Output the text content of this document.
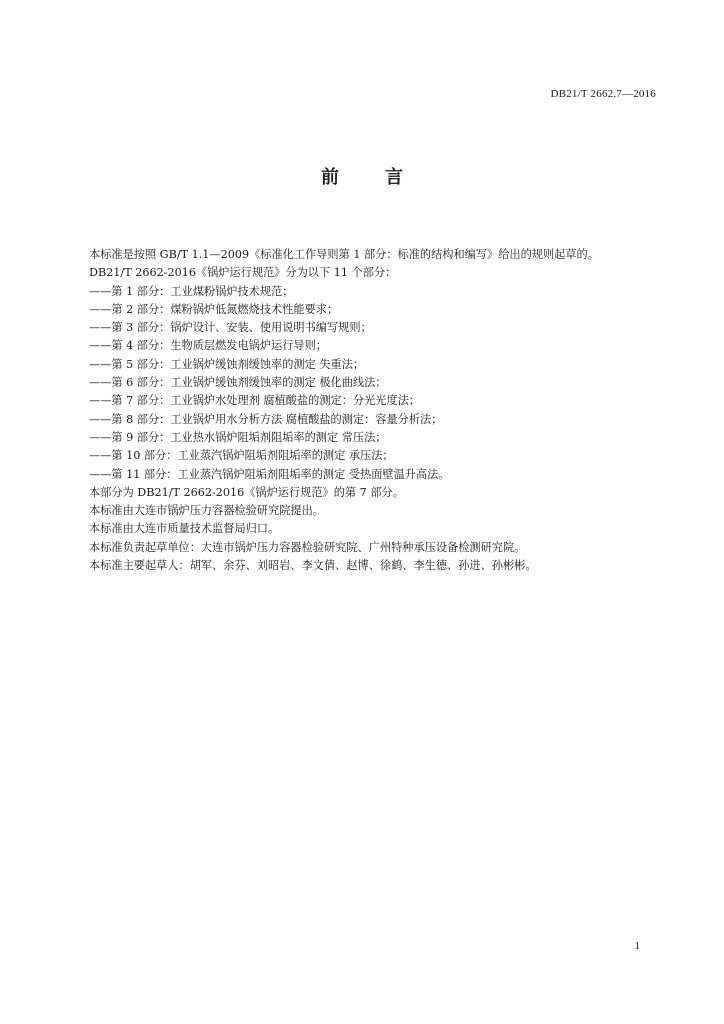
DB21/T 2662.7—2016
前	言
本标准是按照 GB/T 1.1—2009《标准化工作导则第 1 部分：标准的结构和编写》给出的规则起草的。
DB21/T 2662-2016《锅炉运行规范》分为以下 11 个部分：
——第 1 部分：工业煤粉锅炉技术规范；
——第 2 部分：煤粉锅炉低氮燃烧技术性能要求；
——第 3 部分：锅炉设计、安装、使用说明书编写规则；
——第 4 部分：生物质层燃发电锅炉运行导则；
——第 5 部分：工业锅炉缓蚀剂缓蚀率的测定 失重法；
——第 6 部分：工业锅炉缓蚀剂缓蚀率的测定 极化曲线法；
——第 7 部分：工业锅炉水处理剂 腐植酸盐的测定：分光光度法；
——第 8 部分：工业锅炉用水分析方法 腐植酸盐的测定：容量分析法；
——第 9 部分：工业热水锅炉阻垢剂阻垢率的测定 常压法；
——第 10 部分：工业蒸汽锅炉阻垢剂阻垢率的测定 承压法；
——第 11 部分：工业蒸汽锅炉阻垢剂阻垢率的测定 受热面壁温升高法。
本部分为 DB21/T 2662-2016《锅炉运行规范》的第 7 部分。
本标准由大连市锅炉压力容器检验研究院提出。
本标准由大连市质量技术监督局归口。
本标准负责起草单位：大连市锅炉压力容器检验研究院、广州特种承压设备检测研究院。
本标准主要起草人：胡军、余芬、刘昭岩、李文倩、赵博、徐鹤、李生德、孙进、孙彬彬。
1
